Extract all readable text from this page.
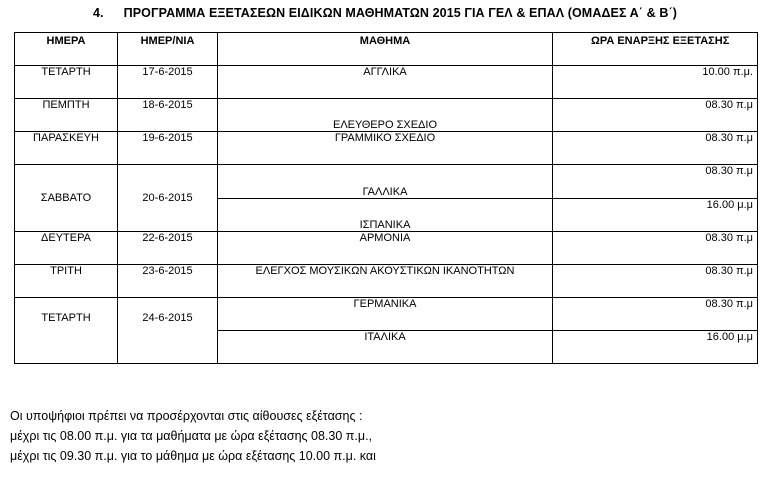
4. ΠΡΟΓΡΑΜΜΑ ΕΞΕΤΑΣΕΩΝ ΕΙΔΙΚΩΝ ΜΑΘΗΜΑΤΩΝ 2015 ΓΙΑ ΓΕΛ & ΕΠΑΛ (ΟΜΑΔΕΣ Α΄ & Β΄)
ΗΜΕΡΑ	ΗΜΕΡ/ΝΙΑ	ΜΑΘΗΜΑ	ΩΡΑ ΕΝΑΡΞΗΣ ΕΞΕΤΑΣΗΣ
ΤΕΤΑΡΤΗ	17-6-2015	ΑΓΓΛΙΚΑ	10.00 π.μ.
ΠΕΜΠΤΗ	18-6-2015	ΕΛΕΥΘΕΡΟ ΣΧΕΔΙΟ	08.30 π.μ
ΠΑΡΑΣΚΕΥΗ	19-6-2015	ΓΡΑΜΜΙΚΟ ΣΧΕΔΙΟ	08.30 π.μ
ΣΑΒΒΑΤΟ	20-6-2015	ΓΑΛΛΙΚΑ	08.30 π.μ
		ΙΣΠΑΝΙΚΑ	16.00 μ.μ
ΔΕΥΤΕΡΑ	22-6-2015	ΑΡΜΟΝΙΑ	08.30 π.μ
ΤΡΙΤΗ	23-6-2015	ΕΛΕΓΧΟΣ ΜΟΥΣΙΚΩΝ ΑΚΟΥΣΤΙΚΩΝ ΙΚΑΝΟΤΗΤΩΝ	08.30 π.μ
ΤΕΤΑΡΤΗ	24-6-2015	ΓΕΡΜΑΝΙΚΑ	08.30 π.μ
		ΙΤΑΛΙΚΑ	16.00 μ.μ
Οι υποψήφιοι πρέπει να προσέρχονται στις αίθουσες εξέτασης :
μέχρι τις 08.00 π.μ. για τα μαθήματα με ώρα εξέτασης 08.30 π.μ.,
μέχρι τις 09.30 π.μ. για το μάθημα με ώρα εξέτασης 10.00 π.μ. και
